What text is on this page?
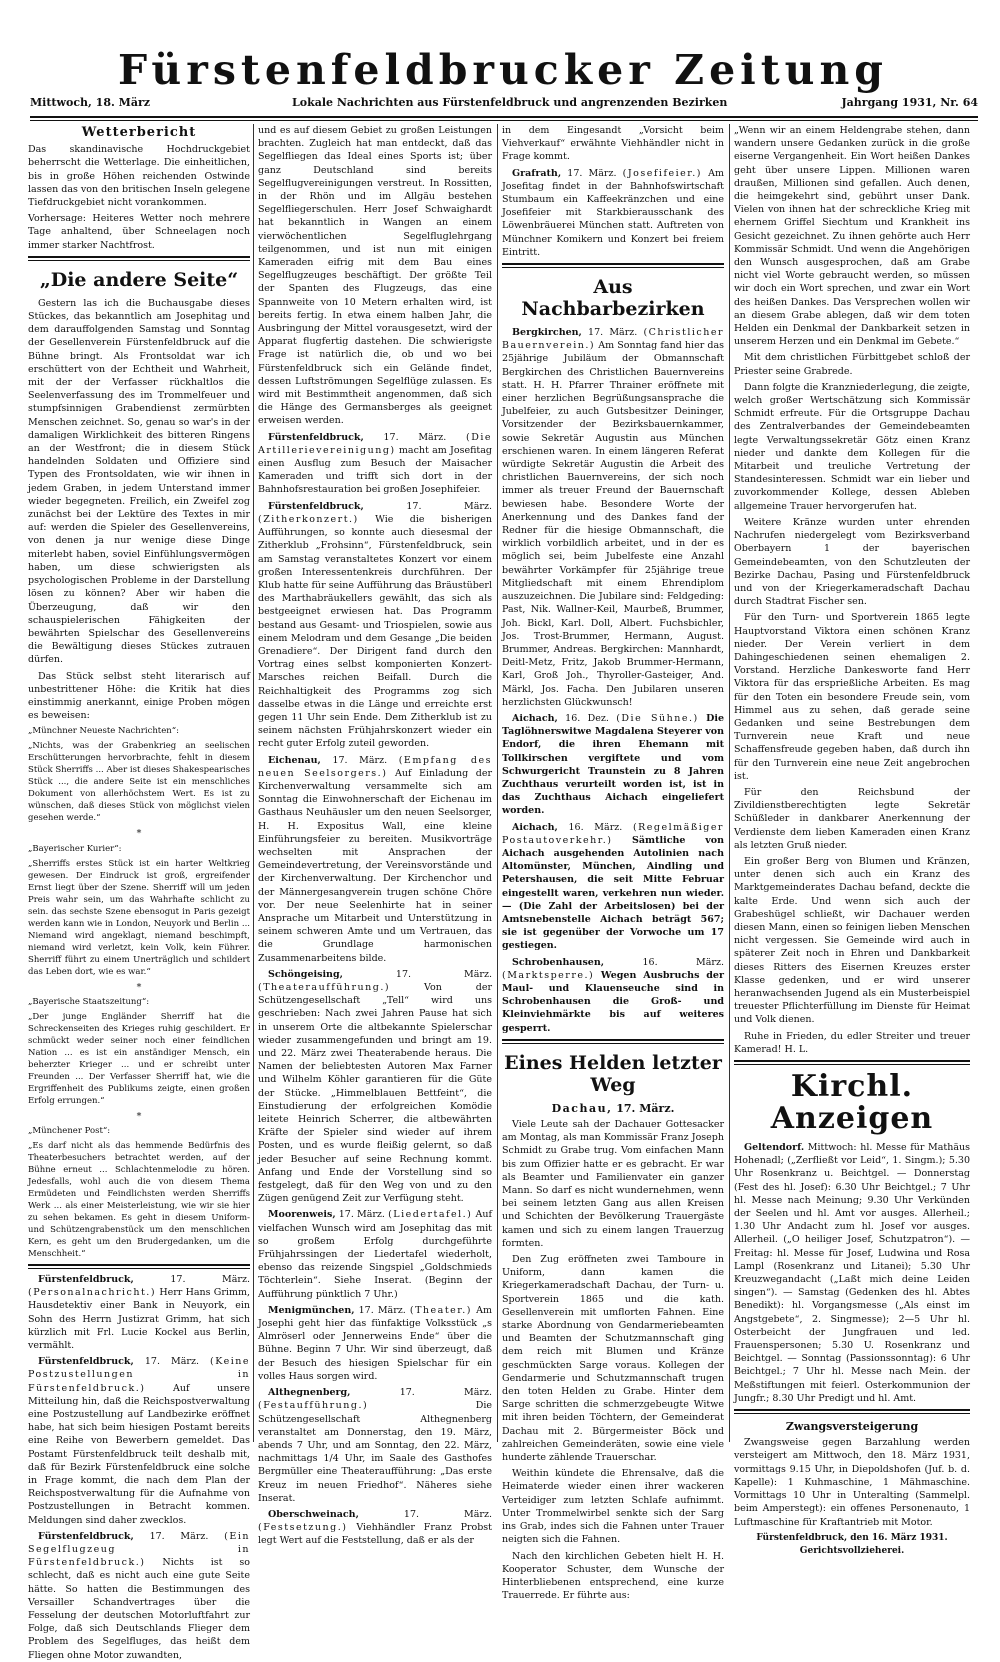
Fürstenfeldbrucker Zeitung
Mittwoch, 18. März	Lokale Nachrichten aus Fürstenfeldbruck und angrenzenden Bezirken	Jahrgang 1931, Nr. 64
Wetterbericht

Das skandinavische Hochdruckgebiet beherrscht die Wetterlage. Die einheitlichen, bis in große Höhen reichenden Ostwinde lassen das von den britischen Inseln gelegene Tiefdruckgebiet nicht vorankommen.

Vorhersage: Heiteres Wetter noch mehrere Tage anhaltend, über Schneelagen noch immer starker Nachtfrost.

„Die andere Seite“

Gestern las ich die Buchausgabe dieses Stückes, das bekanntlich am Josephitag und dem darauffolgenden Samstag und Sonntag der Gesellenverein Fürstenfeldbruck auf die Bühne bringt. Als Frontsoldat war ich erschüttert von der Echtheit und Wahrheit, mit der der Verfasser rückhaltlos die Seelenverfassung des im Trommelfeuer und stumpfsinnigen Grabendienst zermürbten Menschen zeichnet. So, genau so war's in der damaligen Wirklichkeit des bitteren Ringens an der Westfront; die in diesem Stück handelnden Soldaten und Offiziere sind Typen des Frontsoldaten, wie wir ihnen in jedem Graben, in jedem Unterstand immer wieder begegneten. Freilich, ein Zweifel zog zunächst bei der Lektüre des Textes in mir auf: werden die Spieler des Gesellenvereins, von denen ja nur wenige diese Dinge miterlebt haben, soviel Einfühlungsvermögen haben, um diese schwierigsten als psychologischen Probleme in der Darstellung lösen zu können? Aber wir haben die Überzeugung, daß wir den schauspielerischen Fähigkeiten der bewährten Spielschar des Gesellenvereins die Bewältigung dieses Stückes zutrauen dürfen.

Das Stück selbst steht literarisch auf unbestrittener Höhe: die Kritik hat dies einstimmig anerkannt, einige Proben mögen es beweisen:

„Münchner Neueste Nachrichten“:
„Nichts, was der Grabenkrieg an seelischen Erschütterungen hervorbrachte, fehlt in diesem Stück Sherriffs ... Aber ist dieses Shakespearisches Stück ..., die andere Seite ist ein menschliches Dokument von allerhöchstem Wert. Es ist zu wünschen, daß dieses Stück von möglichst vielen gesehen werde.“
*
„Bayerischer Kurier“:
„Sherriffs erstes Stück ist ein harter Weltkrieg gewesen. Der Eindruck ist groß, ergreifender Ernst liegt über der Szene. Sherriff will um jeden Preis wahr sein, um das Wahrhafte schlicht zu sein. das sechste Szene ebensogut in Paris gezeigt werden kann wie in London, Neuyork und Berlin ... Niemand wird angeklagt, niemand beschimpft, niemand wird verletzt, kein Volk, kein Führer. Sherriff führt zu einem Unerträglich und schildert das Leben dort, wie es war.“
*
„Bayerische Staatszeitung“:
„Der junge Engländer Sherriff hat die Schreckenseiten des Krieges ruhig geschildert. Er schmückt weder seiner noch einer feindlichen Nation ... es ist ein anständiger Mensch, ein beherzter Krieger ... und er schreibt unter Freunden ... Der Verfasser Sherriff hat, wie die Ergriffenheit des Publikums zeigte, einen großen Erfolg errungen.“
*
„Münchener Post“:
„Es darf nicht als das hemmende Bedürfnis des Theaterbesuchers betrachtet werden, auf der Bühne erneut ... Schlachtenmelodie zu hören. Jedesfalls, wohl auch die von diesem Thema Ermüdeten und Feindlichsten werden Sherriffs Werk ... als einer Meisterleistung, wie wir sie hier zu sehen bekamen. Es geht in diesem Uniform- und Schützengrabenstück um den menschlichen Kern, es geht um den Brudergedanken, um die Menschheit.“

Fürstenfeldbruck,	17. März. (Personalnachricht.) Herr Hans Grimm, Hausdetektiv einer Bank in Neuyork, ein Sohn des Herrn Justizrat Grimm, hat sich kürzlich mit Frl. Lucie Kockel aus Berlin, vermählt.

Fürstenfeldbruck, 17. März. (Keine Postzustellungen in Fürstenfeldbruck.)	Auf unsere Mitteilung hin, daß die Reichspostverwaltung eine Postzustellung auf Landbezirke eröffnet habe, hat sich beim hiesigen Postamt bereits eine Reihe von Bewerbern gemeldet. Das Postamt Fürstenfeldbruck teilt deshalb mit, daß für Bezirk Fürstenfeldbruck eine solche in Frage kommt, die nach dem Plan der Reichspostverwaltung für die Aufnahme von Postzustellungen in Betracht kommen. Meldungen sind daher zwecklos.

Fürstenfeldbruck, 17. März. (Ein Segelflugzeug in Fürstenfeldbruck.) Nichts ist so schlecht, daß es nicht auch eine gute Seite hätte. So hatten die Bestimmungen des Versailler Schandvertrages über die Fesselung der deutschen Motorluftfahrt zur Folge, daß sich Deutschlands Flieger dem Problem des Segelfluges, das heißt dem Fliegen ohne Motor zuwandten,

und es auf diesem Gebiet zu großen Leistungen brachten. Zugleich hat man entdeckt, daß das Segelfliegen das Ideal eines Sports ist; über ganz Deutschland sind bereits Segelflugvereinigungen verstreut. In Rossitten, in der Rhön und im Allgäu bestehen Segelfliegerschulen. Herr Josef Schwaighardt hat bekanntlich in Wangen an einem vierwöchentlichen Segelfluglehrgang teilgenommen, und ist nun mit einigen Kameraden eifrig mit dem Bau eines Segelflugzeuges beschäftigt. Der größte Teil der Spanten des Flugzeugs, das eine Spannweite von 10 Metern erhalten wird, ist bereits fertig. In etwa einem halben Jahr, die Ausbringung der Mittel vorausgesetzt, wird der Apparat flugfertig dastehen. Die schwierigste Frage ist natürlich die, ob und wo bei Fürstenfeldbruck sich ein Gelände findet, dessen Luftströmungen Segelflüge zulassen. Es wird mit Bestimmtheit angenommen, daß sich die Hänge des Germansberges als geeignet erweisen werden.

Fürstenfeldbruck, 17. März. (Die Artillerievereinigung) macht am Josefitag einen Ausflug zum Besuch der Maisacher Kameraden und trifft sich dort in der Bahnhofsrestauration bei großen Josephifeier.

Fürstenfeldbruck,	17. März. (Zitherkonzert.) Wie die bisherigen Aufführungen, so konnte auch diesesmal der Zitherklub „Frohsinn“, Fürstenfeldbruck, sein am Samstag veranstaltetes Konzert vor einem großen Interessentenkreis durchführen. Der Klub hatte für seine Aufführung das Bräustüberl des Marthabräukellers gewählt, das sich als bestgeeignet erwiesen hat. Das Programm bestand aus Gesamt- und Triospielen, sowie aus einem Melodram und dem Gesange „Die beiden Grenadiere“. Der Dirigent fand durch den Vortrag eines selbst komponierten Konzert-Marsches reichen Beifall. Durch die Reichhaltigkeit des Programms zog sich dasselbe etwas in die Länge und erreichte erst gegen 11 Uhr sein Ende. Dem Zitherklub ist zu seinem nächsten Frühjahrskonzert wieder ein recht guter Erfolg zuteil geworden.

Eichenau, 17. März. (Empfang des neuen Seelsorgers.) Auf Einladung der Kirchenverwaltung versammelte sich am Sonntag die Einwohnerschaft der Eichenau im Gasthaus Neuhäusler um den neuen Seelsorger, H. H. Expositus Wall, eine kleine Einführungsfeier zu bereiten. Musikvorträge wechselten mit Ansprachen der Gemeindevertretung, der Vereinsvorstände und der Kirchenverwaltung. Der Kirchenchor und der Männergesangverein trugen schöne Chöre vor. Der neue Seelenhirte hat in seiner Ansprache um Mitarbeit und Unterstützung in seinem schweren Amte und um Vertrauen, das die Grundlage harmonischen Zusammenarbeitens bilde.

Schöngeising,	17. März. (Theateraufführung.)	Von der Schützengesellschaft „Tell“ wird uns geschrieben: Nach zwei Jahren Pause hat sich in unserem Orte die altbekannte Spielerschar wieder zusammengefunden und bringt am 19. und 22. März zwei Theaterabende heraus. Die Namen der beliebtesten Autoren Max Farner und Wilhelm Köhler garantieren für die Güte der Stücke. „Himmelblauen Bettfeint“, die Einstudierung der erfolgreichen Komödie leitete Heinrich Scherrer, die altbewährten Kräfte der Spieler sind wieder auf ihrem Posten, und es wurde fleißig gelernt, so daß jeder Besucher auf seine Rechnung kommt. Anfang und Ende der Vorstellung sind so festgelegt, daß für den Weg von und zu den Zügen genügend Zeit zur Verfügung steht.

Moorenweis, 17. März. (Liedertafel.) Auf vielfachen Wunsch wird am Josephitag das mit so großem Erfolg durchgeführte Frühjahrssingen der Liedertafel wiederholt, ebenso das reizende Singspiel „Goldschmieds Töchterlein“. Siehe Inserat. (Beginn der Aufführung pünktlich 7 Uhr.)

Menigmünchen, 17. März. (Theater.) Am Josephi geht hier das fünfaktige Volksstück „s Almröserl oder Jennerweins Ende“ über die Bühne. Beginn 7 Uhr. Wir sind überzeugt, daß der Besuch des hiesigen Spielschar für ein volles Haus sorgen wird.

Althegnenberg,	17. März. (Festaufführung.)	Die Schützengesellschaft Althegnenberg veranstaltet am Donnerstag, den 19. März, abends 7 Uhr, und am Sonntag, den 22. März, nachmittags 1/4 Uhr, im Saale des Gasthofes Bergmüller eine Theateraufführung: „Das erste Kreuz im neuen Friedhof“. Näheres siehe Inserat.

Oberschweinach,	17. März. (Festsetzung.) Viehhändler Franz Probst legt Wert auf die Feststellung, daß er als der

in dem Eingesandt „Vorsicht beim Viehverkauf“ erwähnte Viehhändler nicht in Frage kommt.

Grafrath, 17. März. (Josefifeier.) Am Josefitag findet in der Bahnhofswirtschaft Stumbaum ein Kaffeekränzchen und eine Josefifeier mit Starkbierausschank des Löwenbräuerei München statt. Auftreten von Münchner Komikern und Konzert bei freiem Eintritt.

Aus Nachbarbezirken

Bergkirchen, 17. März. (Christlicher Bauernverein.) Am Sonntag fand hier das 25jährige Jubiläum der Obmannschaft Bergkirchen des Christlichen Bauernvereins statt. H. H. Pfarrer Thrainer eröffnete mit einer herzlichen Begrüßungsansprache die Jubelfeier, zu auch Gutsbesitzer Deininger, Vorsitzender der Bezirksbauernkammer, sowie Sekretär Augustin aus München erschienen waren. In einem längeren Referat würdigte Sekretär Augustin die Arbeit des christlichen Bauernvereins, der sich noch immer als treuer Freund der Bauernschaft bewiesen habe. Besondere Worte der Anerkennung und des Dankes fand der Redner für die hiesige Obmannschaft, die wirklich vorbildlich arbeitet, und in der es möglich sei, beim Jubelfeste eine Anzahl bewährter Vorkämpfer für 25jährige treue Mitgliedschaft mit einem Ehrendiplom auszuzeichnen. Die Jubilare sind: Feldgeding: Past, Nik. Wallner-Keil, Maurbeß, Brummer, Joh. Bickl, Karl. Doll, Albert. Fuchsbichler, Jos. Trost-Brummer, Hermann, August. Brummer, Andreas. Bergkirchen: Mannhardt, Deitl-Metz, Fritz, Jakob Brummer-Hermann, Karl, Groß Joh., Thyroller-Gasteiger, And. Märkl, Jos. Facha. Den Jubilaren unseren herzlichsten Glückwunsch!

Aichach, 16. Dez. (Die Sühne.) Die Taglöhnerswitwe Magdalena Steyerer von Endorf, die ihren Ehemann mit Tollkirschen vergiftete und vom Schwurgericht Traunstein zu 8 Jahren Zuchthaus verurteilt worden ist, ist in das Zuchthaus Aichach eingeliefert worden.

Aichach, 16. März. (Regelmäßiger Postautoverkehr.) Sämtliche von Aichach ausgehenden Autolinien nach Altomünster, München, Aindling und Petershausen, die seit Mitte Februar eingestellt waren, verkehren nun wieder. — (Die Zahl der Arbeitslosen) bei der Amtsnebenstelle Aichach beträgt 567; sie ist gegenüber der Vorwoche um 17 gestiegen.

Schrobenhausen,	16. März. (Marktsperre.) Wegen Ausbruchs der Maul- und Klauenseuche sind in Schrobenhausen die Groß- und Kleinviehmärkte bis auf weiteres gesperrt.

Eines Helden letzter Weg
Dachau, 17. März.

Viele Leute sah der Dachauer Gottesacker am Montag, als man Kommissär Franz Joseph Schmidt zu Grabe trug. Vom einfachen Mann bis zum Offizier hatte er es gebracht. Er war als Beamter und Familienvater ein ganzer Mann. So darf es nicht wundernehmen, wenn bei seinem letzten Gang aus allen Kreisen und Schichten der Bevölkerung Trauergäste kamen und sich zu einem langen Trauerzug formten.

Den Zug eröffneten zwei Tamboure in Uniform, dann kamen die Kriegerkameradschaft Dachau, der Turn- u. Sportverein 1865 und die kath. Gesellenverein mit umflorten Fahnen. Eine starke Abordnung von Gendarmeriebeamten und Beamten der Schutzmannschaft ging dem reich mit Blumen und Kränze geschmückten Sarge voraus. Kollegen der Gendarmerie und Schutzmannschaft trugen den toten Helden zu Grabe. Hinter dem Sarge schritten die schmerzgebeugte Witwe mit ihren beiden Töchtern, der Gemeinderat Dachau mit 2. Bürgermeister Böck und zahlreichen Gemeinderäten, sowie eine viele hunderte zählende Trauerschar.

Weithin kündete die Ehrensalve, daß die Heimaterde wieder einen ihrer wackeren Verteidiger zum letzten Schlafe aufnimmt. Unter Trommelwirbel senkte sich der Sarg ins Grab, indes sich die Fahnen unter Trauer neigten sich die Fahnen.

Nach den kirchlichen Gebeten hielt H. H. Kooperator Schuster, dem Wunsche der Hinterbliebenen entsprechend, eine kurze Trauerrede. Er führte aus:

„Wenn wir an einem Heldengrabe stehen, dann wandern unsere Gedanken zurück in die große eiserne Vergangenheit. Ein Wort heißen Dankes geht über unsere Lippen. Millionen waren draußen, Millionen sind gefallen. Auch denen, die heimgekehrt sind, gebührt unser Dank. Vielen von ihnen hat der schreckliche Krieg mit ehernem Griffel Siechtum und Krankheit ins Gesicht gezeichnet. Zu ihnen gehörte auch Herr Kommissär Schmidt. Und wenn die Angehörigen den Wunsch ausgesprochen, daß am Grabe nicht viel Worte gebraucht werden, so müssen wir doch ein Wort sprechen, und zwar ein Wort des heißen Dankes. Das Versprechen wollen wir an diesem Grabe ablegen, daß wir dem toten Helden ein Denkmal der Dankbarkeit setzen in unserem Herzen und ein Denkmal im Gebete.“

Mit dem christlichen Fürbittgebet schloß der Priester seine Grabrede.

Dann folgte die Kranzniederlegung, die zeigte, welch großer Wertschätzung sich Kommissär Schmidt erfreute. Für die Ortsgruppe Dachau des Zentralverbandes der Gemeindebeamten legte Verwaltungssekretär Götz einen Kranz nieder und dankte dem Kollegen für die Mitarbeit und treuliche Vertretung der Standesinteressen. Schmidt war ein lieber und zuvorkommender Kollege, dessen Ableben allgemeine Trauer hervorgerufen hat.

Weitere Kränze wurden unter ehrenden Nachrufen niedergelegt vom Bezirksverband Oberbayern 1 der bayerischen Gemeindebeamten, von den Schutzleuten der Bezirke Dachau, Pasing und Fürstenfeldbruck und von der Kriegerkameradschaft Dachau durch Stadtrat Fischer sen.

Für den Turn- und Sportverein 1865 legte Hauptvorstand Viktora einen schönen Kranz nieder. Der Verein verliert in dem Dahingeschiedenen seinen ehemaligen 2. Vorstand. Herzliche Dankesworte fand Herr Viktora für das ersprießliche Arbeiten. Es mag für den Toten ein besondere Freude sein, vom Himmel aus zu sehen, daß gerade seine Gedanken und seine Bestrebungen dem Turnverein neue Kraft und neue Schaffensfreude gegeben haben, daß durch ihn für den Turnverein eine neue Zeit angebrochen ist.

Für den Reichsbund der Zivildienstberechtigten legte Sekretär Schüßleder in dankbarer Anerkennung der Verdienste dem lieben Kameraden einen Kranz als letzten Gruß nieder.

Ein großer Berg von Blumen und Kränzen, unter denen sich auch ein Kranz des Marktgemeinderates Dachau befand, deckte die kalte Erde. Und wenn sich auch der Grabeshügel schließt, wir Dachauer werden diesen Mann, einen so feinigen lieben Menschen nicht vergessen. Sie Gemeinde wird auch in späterer Zeit noch in Ehren und Dankbarkeit dieses Ritters des Eisernen Kreuzes erster Klasse gedenken, und er wird unserer heranwachsenden Jugend als ein Musterbeispiel treuester Pflichterfüllung im Dienste für Heimat und Volk dienen.

Ruhe in Frieden, du edler Streiter und treuer Kamerad! H. L.

Kirchl. Anzeigen

Geltendorf. Mittwoch: hl. Messe für Mathäus Hohenadl; („Zerfließt vor Leid“, 1. Singm.); 5.30 Uhr Rosenkranz u. Beichtgel. — Donnerstag (Fest des hl. Josef): 6.30 Uhr Beichtgel.; 7 Uhr hl. Messe nach Meinung; 9.30 Uhr Verkünden der Seelen und hl. Amt vor ausges. Allerheil.; 1.30 Uhr Andacht zum hl. Josef vor ausges. Allerheil. („O heiliger Josef, Schutzpatron“). — Freitag: hl. Messe für Josef, Ludwina und Rosa Lampl (Rosenkranz und Litanei); 5.30 Uhr Kreuzwegandacht („Laßt mich deine Leiden singen“). — Samstag (Gedenken des hl. Abtes Benedikt): hl. Vorgangsmesse („Als einst im Angstgebete“, 2. Singmesse); 2—5 Uhr hl. Osterbeicht der Jungfrauen und led. Frauenspersonen; 5.30 U. Rosenkranz und Beichtgel. — Sonntag (Passionssonntag): 6 Uhr Beichtgel.; 7 Uhr hl. Messe nach Mein. der Meßstiftungen mit feierl. Osterkommunion der Jungfr.; 8.30 Uhr Predigt und hl. Amt.

Zwangsversteigerung

Zwangsweise gegen Barzahlung werden versteigert am Mittwoch, den 18. März 1931, vormittags 9.15 Uhr, in Diepoldshofen (Juf. b. d. Kapelle): 1 Kuhmaschine, 1 Mähmaschine. Vormittags 10 Uhr in Unteralting (Sammelpl. beim Amperstegt): ein offenes Personenauto, 1 Luftmaschine für Kraftantrieb mit Motor.

Fürstenfeldbruck, den 16. März 1931.
Gerichtsvollzieherei.
